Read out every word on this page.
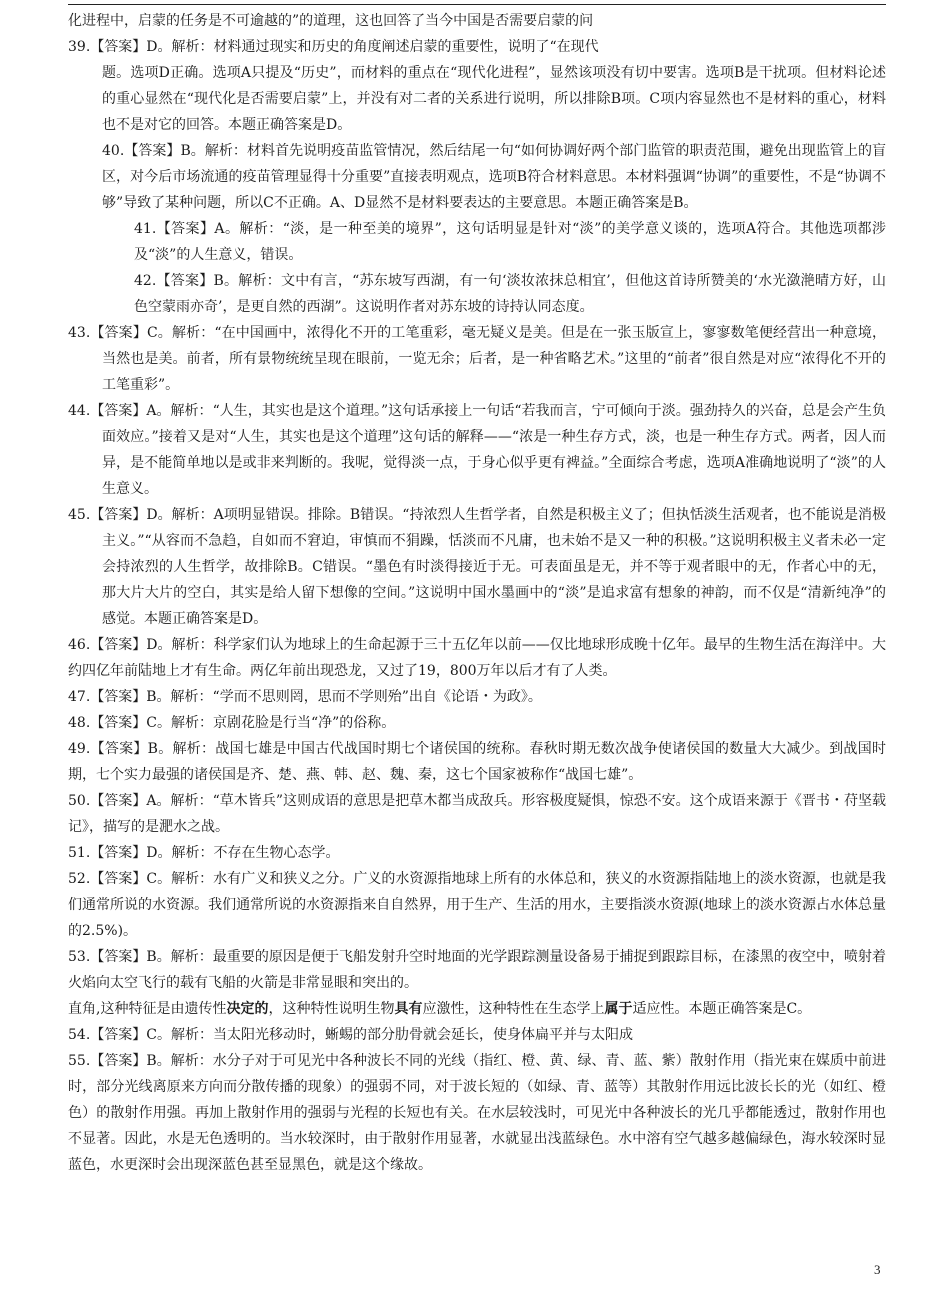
化进程中，启蒙的任务是不可逾越的”的道理，这也回答了当今中国是否需要启蒙的问

39.【答案】D。解析：材料通过现实和历史的角度阐述启蒙的重要性，说明了“在现代

题。选项D正确。选项A只提及“历史”，而材料的重点在“现代化进程”，显然该项没有切中要害。选项B是干扰项。但材料论述的重心显然在“现代化是否需要启蒙”上，并没有对二者的关系进行说明，所以排除B项。C项内容显然也不是材料的重心，材料也不是对它的回答。本题正确答案是D。

40.【答案】B。解析：材料首先说明疫苗监管情况，然后结尾一句“如何协调好两个部门监管的职责范围，避免出现监管上的盲区，对今后市场流通的疫苗管理显得十分重要”直接表明观点，选项B符合材料意思。本材料强调“协调”的重要性，不是“协调不够”导致了某种问题，所以C不正确。A、D显然不是材料要表达的主要意思。本题正确答案是B。

41.【答案】A。解析：“淡，是一种至美的境界”，这句话明显是针对“淡”的美学意义谈的，选项A符合。其他选项都涉及“淡”的人生意义，错误。

42.【答案】B。解析：文中有言，“苏东坡写西湖，有一句‘淡妆浓抹总相宜’，但他这首诗所赞美的‘水光潋滟晴方好，山色空蒙雨亦奇’，是更自然的西湖”。这说明作者对苏东坡的诗持认同态度。

43.【答案】C。解析：“在中国画中，浓得化不开的工笔重彩，毫无疑义是美。但是在一张玉版宣上，寥寥数笔便经营出一种意境，当然也是美。前者，所有景物统统呈现在眼前，一览无余；后者，是一种省略艺术。”这里的“前者”很自然是对应“浓得化不开的工笔重彩”。

44.【答案】A。解析：“人生，其实也是这个道理。”这句话承接上一句话“若我而言，宁可倾向于淡。强劲持久的兴奋，总是会产生负面效应。”接着又是对“人生，其实也是这个道理”这句话的解释——“浓是一种生存方式，淡，也是一种生存方式。两者，因人而异，是不能简单地以是或非来判断的。我呢，觉得淡一点，于身心似乎更有裨益。”全面综合考虑，选项A准确地说明了“淡”的人生意义。

45.【答案】D。解析：A项明显错误。排除。B错误。“持浓烈人生哲学者，自然是积极主义了；但执恬淡生活观者，也不能说是消极主义。”“从容而不急趋，自如而不窘迫，审慎而不狷躁，恬淡而不凡庸，也未始不是又一种的积极。”这说明积极主义者未必一定会持浓烈的人生哲学，故排除B。C错误。“墨色有时淡得接近于无。可表面虽是无，并不等于观者眼中的无，作者心中的无，那大片大片的空白，其实是给人留下想像的空间。”这说明中国水墨画中的“淡”是追求富有想象的神韵，而不仅是“清新纯净”的感觉。本题正确答案是D。

46.【答案】D。解析：科学家们认为地球上的生命起源于三十五亿年以前——仅比地球形成晚十亿年。最早的生物生活在海洋中。大约四亿年前陆地上才有生命。两亿年前出现恐龙，又过了19，800万年以后才有了人类。

47.【答案】B。解析：“学而不思则罔，思而不学则殆”出自《论语・为政》。

48.【答案】C。解析：京剧花脸是行当“净”的俗称。

49.【答案】B。解析：战国七雄是中国古代战国时期七个诸侯国的统称。春秋时期无数次战争使诸侯国的数量大大减少。到战国时期，七个实力最强的诸侯国是齐、楚、燕、韩、赵、魏、秦，这七个国家被称作“战国七雄”。

50.【答案】A。解析：“草木皆兵”这则成语的意思是把草木都当成敌兵。形容极度疑惧，惊恐不安。这个成语来源于《晋书・苻坚载记》，描写的是淝水之战。

51.【答案】D。解析：不存在生物心态学。

52.【答案】C。解析：水有广义和狭义之分。广义的水资源指地球上所有的水体总和，狭义的水资源指陆地上的淡水资源，也就是我们通常所说的水资源。我们通常所说的水资源指来自自然界，用于生产、生活的用水，主要指淡水资源(地球上的淡水资源占水体总量的2.5%)。

53.【答案】B。解析：最重要的原因是便于飞船发射升空时地面的光学跟踪测量设备易于捕捉到跟踪目标，在漆黑的夜空中，喷射着火焰向太空飞行的载有飞船的火箭是非常显眼和突出的。

直角,这种特征是由遗传性决定的，这种特性说明生物具有应激性，这种特性在生态学上属于适应性。本题正确答案是C。

54.【答案】C。解析：当太阳光移动时，蜥蜴的部分肋骨就会延长，使身体扁平并与太阳成

55.【答案】B。解析：水分子对于可见光中各种波长不同的光线（指红、橙、黄、绿、青、蓝、紫）散射作用（指光束在媒质中前进时，部分光线离原来方向而分散传播的现象）的强弱不同，对于波长短的（如绿、青、蓝等）其散射作用远比波长长的光（如红、橙色）的散射作用强。再加上散射作用的强弱与光程的长短也有关。在水层较浅时，可见光中各种波长的光几乎都能透过，散射作用也不显著。因此，水是无色透明的。当水较深时，由于散射作用显著，水就显出浅蓝绿色。水中溶有空气越多越偏绿色，海水较深时显蓝色，水更深时会出现深蓝色甚至显黑色，就是这个缘故。

3
